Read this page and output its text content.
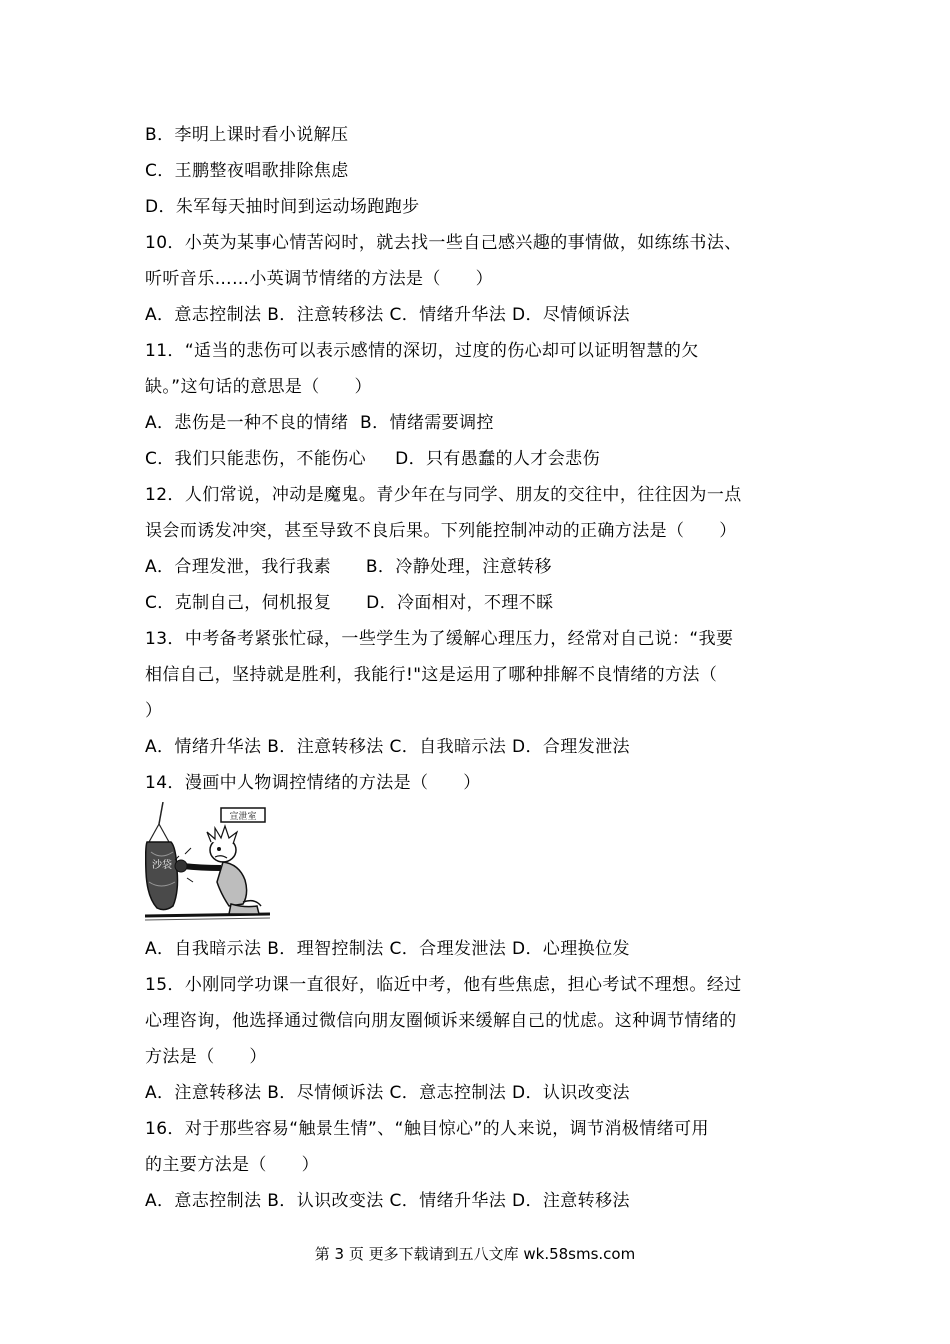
B．李明上课时看小说解压
C．王鹏整夜唱歌排除焦虑
D．朱军每天抽时间到运动场跑跑步
10．小英为某事心情苦闷时，就去找一些自己感兴趣的事情做，如练练书法、
听听音乐……小英调节情绪的方法是（　　）
A．意志控制法 B．注意转移法 C．情绪升华法 D．尽情倾诉法
11．“适当的悲伤可以表示感情的深切，过度的伤心却可以证明智慧的欠
缺。”这句话的意思是（　　）
A．悲伤是一种不良的情绪  B．情绪需要调控
C．我们只能悲伤，不能伤心     D．只有愚蠢的人才会悲伤
12．人们常说，冲动是魔鬼。青少年在与同学、朋友的交往中，往往因为一点
误会而诱发冲突，甚至导致不良后果。下列能控制冲动的正确方法是（　　）
A．合理发泄，我行我素      B．冷静处理，注意转移
C．克制自己，伺机报复      D．冷面相对，不理不睬
13．中考备考紧张忙碌，一些学生为了缓解心理压力，经常对自己说：“我要
相信自己，坚持就是胜利，我能行!"这是运用了哪种排解不良情绪的方法（
）
A．情绪升华法 B．注意转移法 C．自我暗示法 D．合理发泄法
14．漫画中人物调控情绪的方法是（　　）
沙袋
宣泄室
A．自我暗示法 B．理智控制法 C．合理发泄法 D．心理换位发
15．小刚同学功课一直很好，临近中考，他有些焦虑，担心考试不理想。经过
心理咨询，他选择通过微信向朋友圈倾诉来缓解自己的忧虑。这种调节情绪的
方法是（　　）
A．注意转移法 B．尽情倾诉法 C．意志控制法 D．认识改变法
16．对于那些容易“触景生情”、“触目惊心”的人来说，调节消极情绪可用
的主要方法是（　　）
A．意志控制法 B．认识改变法 C．情绪升华法 D．注意转移法
第 3 页 更多下载请到五八文库 wk.58sms.com
